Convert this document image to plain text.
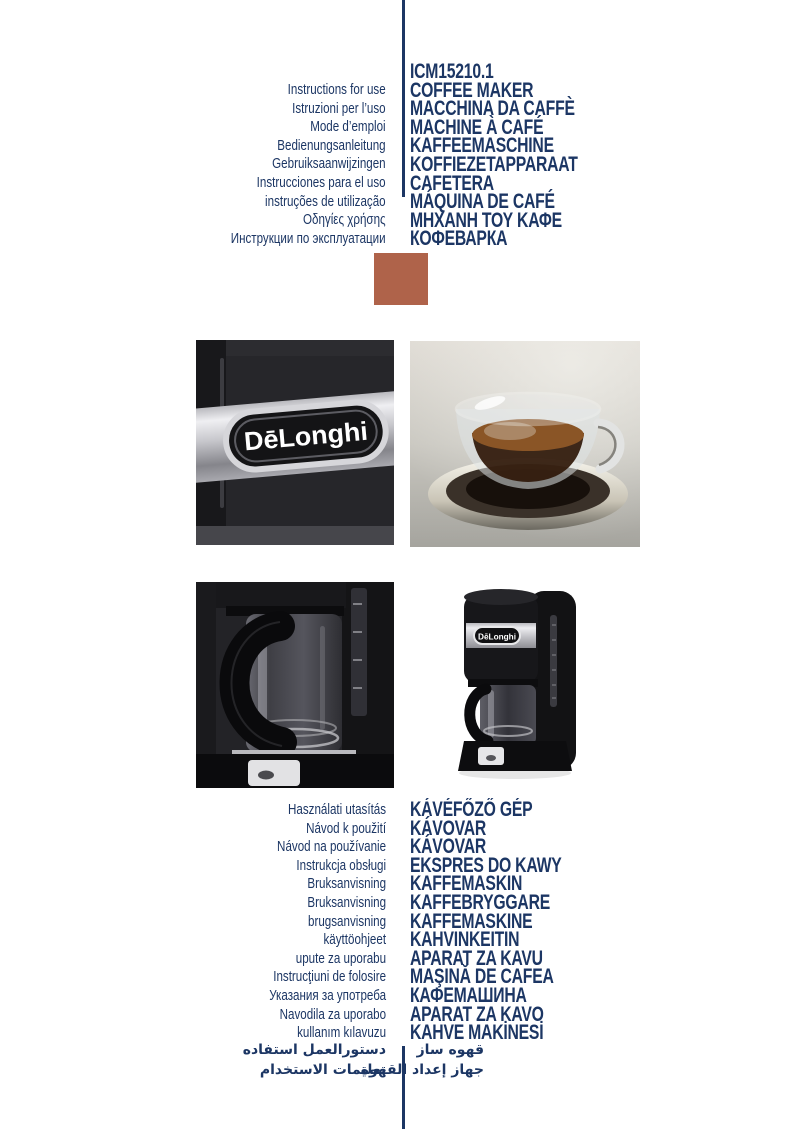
Instructions for use
Istruzioni per l’uso
Mode d’emploi
Bedienungsanleitung
Gebruiksaanwijzingen
Instrucciones para el uso
instruções de utilização
Οδηγίες χρήσης
Инструкции по эксплуатации
ICM15210.1
COFFEE MAKER
MACCHINA DA CAFFÈ
MACHINE À CAFÉ
KAFFEEMASCHINE
KOFFIEZETAPPARAAT
CAFETERA
MÁQUINA DE CAFÉ
ΜΗΧΑΝΗ ΤΟΥ ΚΑΦΕ
КОФЕВАРКА
DēLonghi
DēLonghi
Használati utasítás
Návod k použití
Návod na používanie
Instrukcja obsługi
Bruksanvisning
Bruksanvisning
brugsanvisning
käyttöohjeet
upute za uporabu
Instrucţiuni de folosire
Указания за употреба
Navodila za uporabo
kullanım kılavuzu
KÁVÉFŐZŐ GÉP
KÁVOVAR
KÁVOVAR
EKSPRES DO KAWY
KAFFEMASKIN
KAFFEBRYGGARE
KAFFEMASKINE
KAHVINKEITIN
APARAT ZA KAVU
MAŞINĂ DE CAFEA
КАФЕМАШИНА
APARAT ZA KAVO
KAHVE MAKİNESİ
دستورالعمل استفاده
تعليمات الاستخدام
قهوه ساز
جهاز إعداد القهوة
